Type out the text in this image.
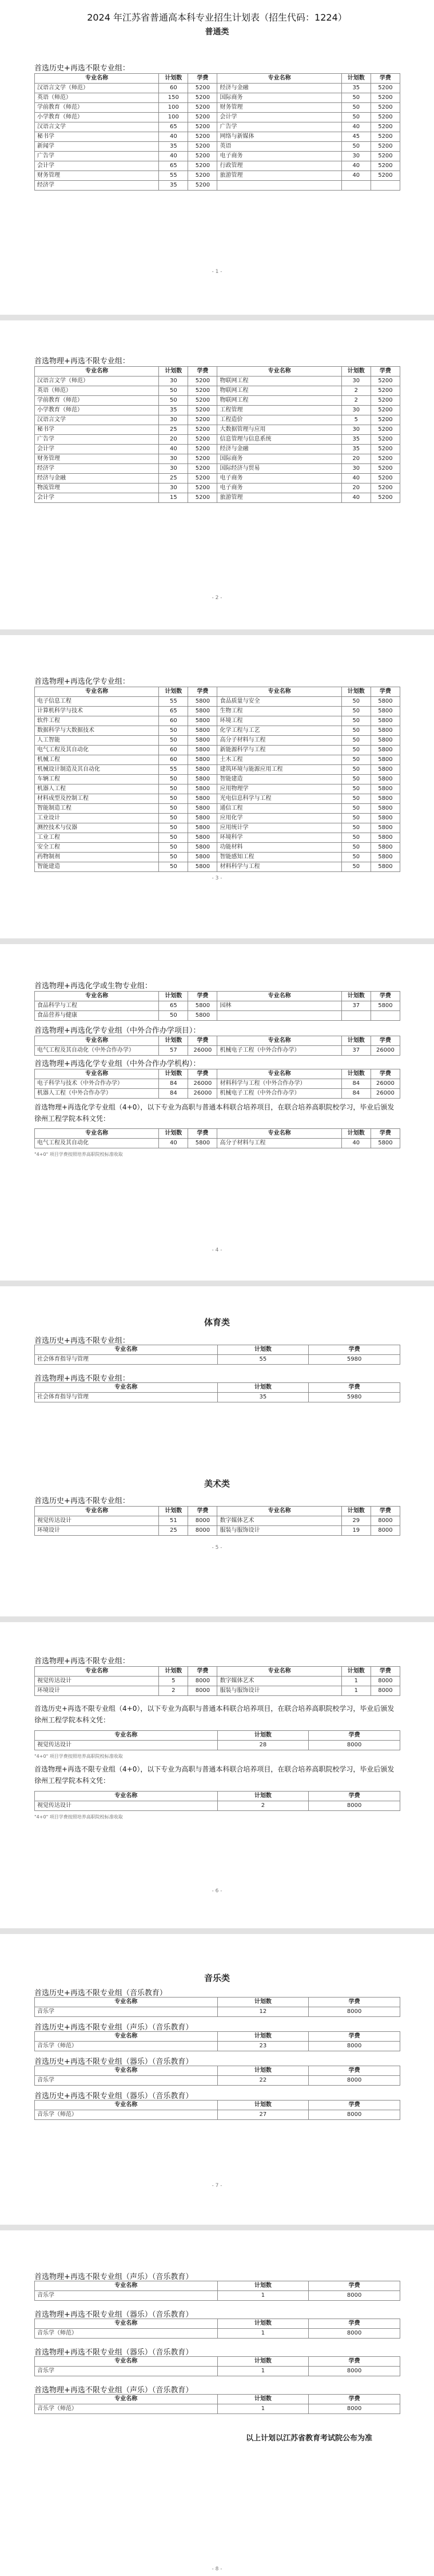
2024 年江苏省普通高本科专业招生计划表（招生代码：1224）
普通类
首选历史+再选不限专业组：
专业名称	计划数	学费	专业名称	计划数	学费
汉语言文学（师范）	60	5200	经济与金融	35	5200
英语（师范）	150	5200	国际商务	50	5200
学前教育（师范）	100	5200	财务管理	50	5200
小学教育（师范）	100	5200	会计学	50	5200
汉语言文学	65	5200	广告学	40	5200
秘书学	40	5200	网络与新媒体	45	5200
新闻学	35	5200	英语	50	5200
广告学	40	5200	电子商务	30	5200
会计学	65	5200	行政管理	40	5200
财务管理	55	5200	旅游管理	40	5200
经济学	35	5200			
- 1 -
首选物理+再选不限专业组：
专业名称	计划数	学费	专业名称	计划数	学费
汉语言文学（师范）	30	5200	物联网工程	30	5200
英语（师范）	50	5200	物联网工程	2	5200
学前教育（师范）	50	5200	物联网工程	2	5200
小学教育（师范）	35	5200	工程管理	30	5200
汉语言文学	30	5200	工程造价	5	5200
秘书学	25	5200	大数据管理与应用	30	5200
广告学	20	5200	信息管理与信息系统	35	5200
会计学	40	5200	经济与金融	35	5200
财务管理	30	5200	国际商务	20	5200
经济学	30	5200	国际经济与贸易	30	5200
经济与金融	25	5200	电子商务	40	5200
物流管理	30	5200	电子商务	20	5200
会计学	15	5200	旅游管理	40	5200
- 2 -
首选物理+再选化学专业组：
专业名称	计划数	学费	专业名称	计划数	学费
电子信息工程	55	5800	食品质量与安全	50	5800
计算机科学与技术	65	5800	生物工程	50	5800
软件工程	60	5800	环境工程	50	5800
数据科学与大数据技术	50	5800	化学工程与工艺	50	5800
人工智能	50	5800	高分子材料与工程	50	5800
电气工程及其自动化	60	5800	新能源科学与工程	50	5800
机械工程	60	5800	土木工程	50	5800
机械设计制造及其自动化	55	5800	建筑环境与能源应用工程	50	5800
车辆工程	50	5800	智能建造	50	5800
机器人工程	50	5800	应用物理学	50	5800
材料成型及控制工程	50	5800	光电信息科学与工程	50	5800
智能制造工程	50	5800	通信工程	50	5800
工业设计	50	5800	应用化学	50	5800
测控技术与仪器	50	5800	应用统计学	50	5800
工业工程	50	5800	环境科学	50	5800
安全工程	50	5800	功能材料	50	5800
药物制剂	50	5800	智能感知工程	50	5800
智能建造	50	5800	材料科学与工程	50	5800
- 3 -
首选物理+再选化学或生物专业组：
专业名称	计划数	学费	专业名称	计划数	学费
食品科学与工程	65	5800	园林	37	5800
食品营养与健康	50	5800			
首选物理+再选化学专业组（中外合作办学项目）：
专业名称	计划数	学费	专业名称	计划数	学费
电气工程及其自动化（中外合作办学）	57	26000	机械电子工程（中外合作办学）	37	26000
首选物理+再选化学专业组（中外合作办学机构）：
专业名称	计划数	学费	专业名称	计划数	学费
电子科学与技术（中外合作办学）	84	26000	材料科学与工程（中外合作办学）	84	26000
机器人工程（中外合作办学）	84	26000	机械电子工程（中外合作办学）	84	26000
首选物理+再选化学专业组（4+0），以下专业为高职与普通本科联合培养项目，在联合培养高职院校学习，毕业后颁发徐州工程学院本科文凭：
专业名称	计划数	学费	专业名称	计划数	学费
电气工程及其自动化	40	5800	高分子材料与工程	40	5800
"4+0" 项目学费按照培养高职院校标准收取
- 4 -
体育类
首选历史+再选不限专业组：
专业名称	计划数	学费
社会体育指导与管理	55	5980
首选物理+再选不限专业组：
专业名称	计划数	学费
社会体育指导与管理	35	5980
美术类
首选历史+再选不限专业组：
专业名称	计划数	学费	专业名称	计划数	学费
视觉传达设计	51	8000	数字媒体艺术	29	8000
环境设计	25	8000	服装与服饰设计	19	8000
- 5 -
首选物理+再选不限专业组：
专业名称	计划数	学费	专业名称	计划数	学费
视觉传达设计	5	8000	数字媒体艺术	1	8000
环境设计	2	8000	服装与服饰设计	1	8000
首选历史+再选不限专业组（4+0），以下专业为高职与普通本科联合培养项目，在联合培养高职院校学习，毕业后颁发徐州工程学院本科文凭：
专业名称	计划数	学费
视觉传达设计	28	8000
"4+0" 项目学费按照培养高职院校标准收取
首选物理+再选不限专业组（4+0），以下专业为高职与普通本科联合培养项目，在联合培养高职院校学习，毕业后颁发徐州工程学院本科文凭：
专业名称	计划数	学费
视觉传达设计	2	8000
"4+0" 项目学费按照培养高职院校标准收取
- 6 -
音乐类
首选历史+再选不限专业组（音乐教育）
专业名称	计划数	学费
音乐学	12	8000
首选历史+再选不限专业组（声乐）（音乐教育）
专业名称	计划数	学费
音乐学（师范）	23	8000
首选历史+再选不限专业组（器乐）（音乐教育）
专业名称	计划数	学费
音乐学	22	8000
首选历史+再选不限专业组（器乐）（音乐教育）
专业名称	计划数	学费
音乐学（师范）	27	8000
- 7 -
首选物理+再选不限专业组（声乐）（音乐教育）
专业名称	计划数	学费
音乐学	1	8000
首选物理+再选不限专业组（器乐）（音乐教育）
专业名称	计划数	学费
音乐学（师范）	1	8000
首选物理+再选不限专业组（器乐）（音乐教育）
专业名称	计划数	学费
音乐学	1	8000
首选物理+再选不限专业组（声乐）（音乐教育）
专业名称	计划数	学费
音乐学（师范）	1	8000
以上计划以江苏省教育考试院公布为准
- 8 -
